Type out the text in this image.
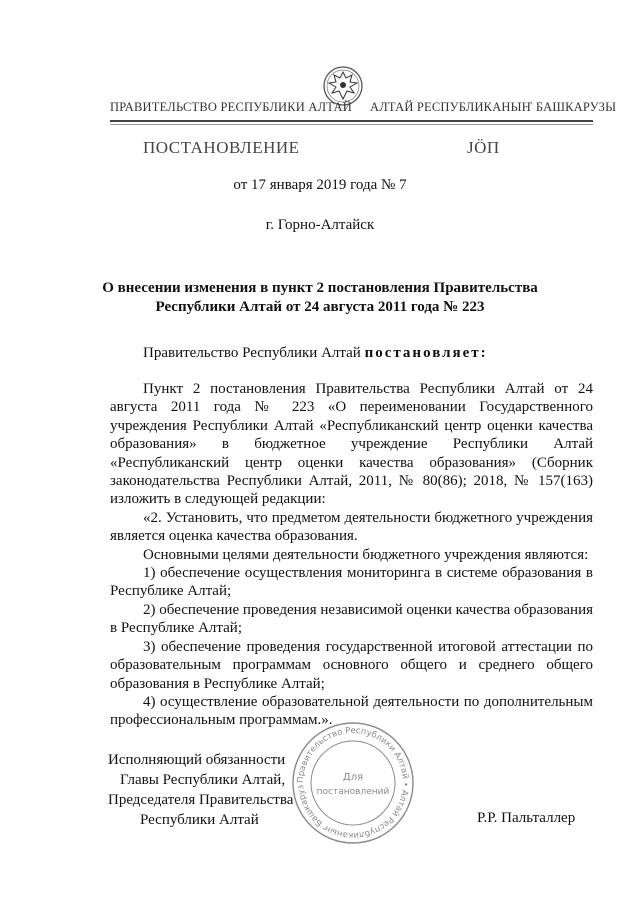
ПРАВИТЕЛЬСТВО РЕСПУБЛИКИ АЛТАЙ АЛТАЙ РЕСПУБЛИКАНЫҤ БАШКАРУЗЫ
ПОСТАНОВЛЕНИЕ	ЈӦП
от 17 января 2019 года № 7
г. Горно-Алтайск
О внесении изменения в пункт 2 постановления Правительства
Республики Алтай от 24 августа 2011 года № 223
Правительство Республики Алтай постановляет:

Пункт 2 постановления Правительства Республики Алтай от 24 августа 2011 года № 223 «О переименовании Государственного учреждения Республики Алтай «Республиканский центр оценки качества образования» в бюджетное учреждение Республики Алтай «Республиканский центр оценки качества образования» (Сборник законодательства Республики Алтай, 2011, № 80(86); 2018, № 157(163) изложить в следующей редакции:

«2. Установить, что предметом деятельности бюджетного учреждения является оценка качества образования.

Основными целями деятельности бюджетного учреждения являются:

1) обеспечение осуществления мониторинга в системе образования в Республике Алтай;

2) обеспечение проведения независимой оценки качества образования в Республике Алтай;

3) обеспечение проведения государственной итоговой аттестации по образовательным программам основного общего и среднего общего образования в Республике Алтай;

4) осуществление образовательной деятельности по дополнительным профессиональным программам.».

Исполняющий обязанности
Главы Республики Алтай,
Председателя Правительства
Республики Алтай
Правительство Республики Алтай • Алтай Республиканыҥ Башкаруз
Для
постановлений
Р.Р. Пальталлер
